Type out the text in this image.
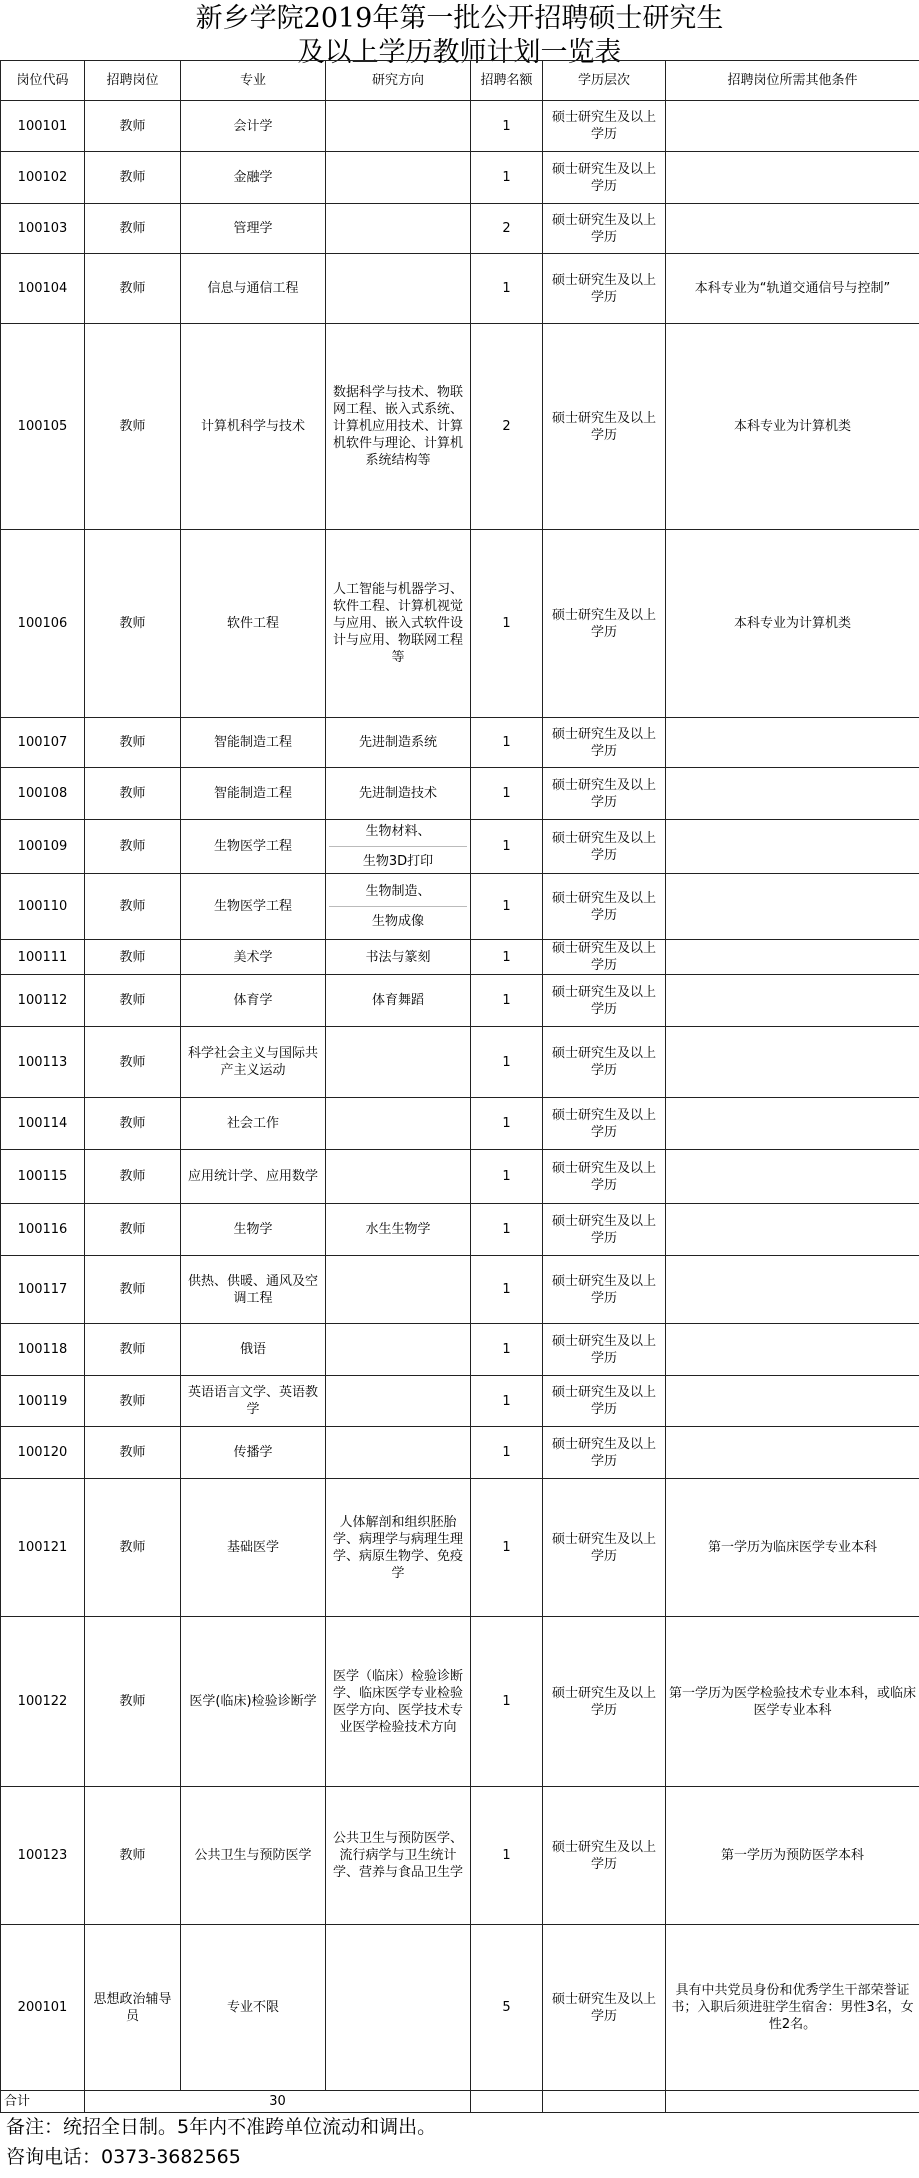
新乡学院2019年第一批公开招聘硕士研究生
及以上学历教师计划一览表
岗位代码	招聘岗位	专业	研究方向	招聘名额	学历层次	招聘岗位所需其他条件
100101	教师	会计学		1	硕士研究生及以上学历	
100102	教师	金融学		1	硕士研究生及以上学历	
100103	教师	管理学		2	硕士研究生及以上学历	
100104	教师	信息与通信工程		1	硕士研究生及以上学历	本科专业为“轨道交通信号与控制”
100105	教师	计算机科学与技术	数据科学与技术、物联网工程、嵌入式系统、计算机应用技术、计算机软件与理论、计算机系统结构等	2	硕士研究生及以上学历	本科专业为计算机类
100106	教师	软件工程	人工智能与机器学习、软件工程、计算机视觉与应用、嵌入式软件设计与应用、物联网工程等	1	硕士研究生及以上学历	本科专业为计算机类
100107	教师	智能制造工程	先进制造系统	1	硕士研究生及以上学历	
100108	教师	智能制造工程	先进制造技术	1	硕士研究生及以上学历	
100109	教师	生物医学工程	生物材料、
生物3D打印	1	硕士研究生及以上学历	
100110	教师	生物医学工程	生物制造、
生物成像	1	硕士研究生及以上学历	
100111	教师	美术学	书法与篆刻	1	硕士研究生及以上学历	
100112	教师	体育学	体育舞蹈	1	硕士研究生及以上学历	
100113	教师	科学社会主义与国际共产主义运动		1	硕士研究生及以上学历	
100114	教师	社会工作		1	硕士研究生及以上学历	
100115	教师	应用统计学、应用数学		1	硕士研究生及以上学历	
100116	教师	生物学	水生生物学	1	硕士研究生及以上学历	
100117	教师	供热、供暖、通风及空调工程		1	硕士研究生及以上学历	
100118	教师	俄语		1	硕士研究生及以上学历	
100119	教师	英语语言文学、英语教学		1	硕士研究生及以上学历	
100120	教师	传播学		1	硕士研究生及以上学历	
100121	教师	基础医学	人体解剖和组织胚胎学、病理学与病理生理学、病原生物学、免疫学	1	硕士研究生及以上学历	第一学历为临床医学专业本科
100122	教师	医学(临床)检验诊断学	医学（临床）检验诊断学、临床医学专业检验医学方向、医学技术专业医学检验技术方向	1	硕士研究生及以上学历	第一学历为医学检验技术专业本科，或临床医学专业本科
100123	教师	公共卫生与预防医学	公共卫生与预防医学、流行病学与卫生统计学、营养与食品卫生学	1	硕士研究生及以上学历	第一学历为预防医学本科
200101	思想政治辅导员	专业不限		5	硕士研究生及以上学历	具有中共党员身份和优秀学生干部荣誉证书；入职后须进驻学生宿舍：男性3名，女性2名。
合计	30					
备注：统招全日制。5年内不准跨单位流动和调出。
咨询电话：0373-3682565
